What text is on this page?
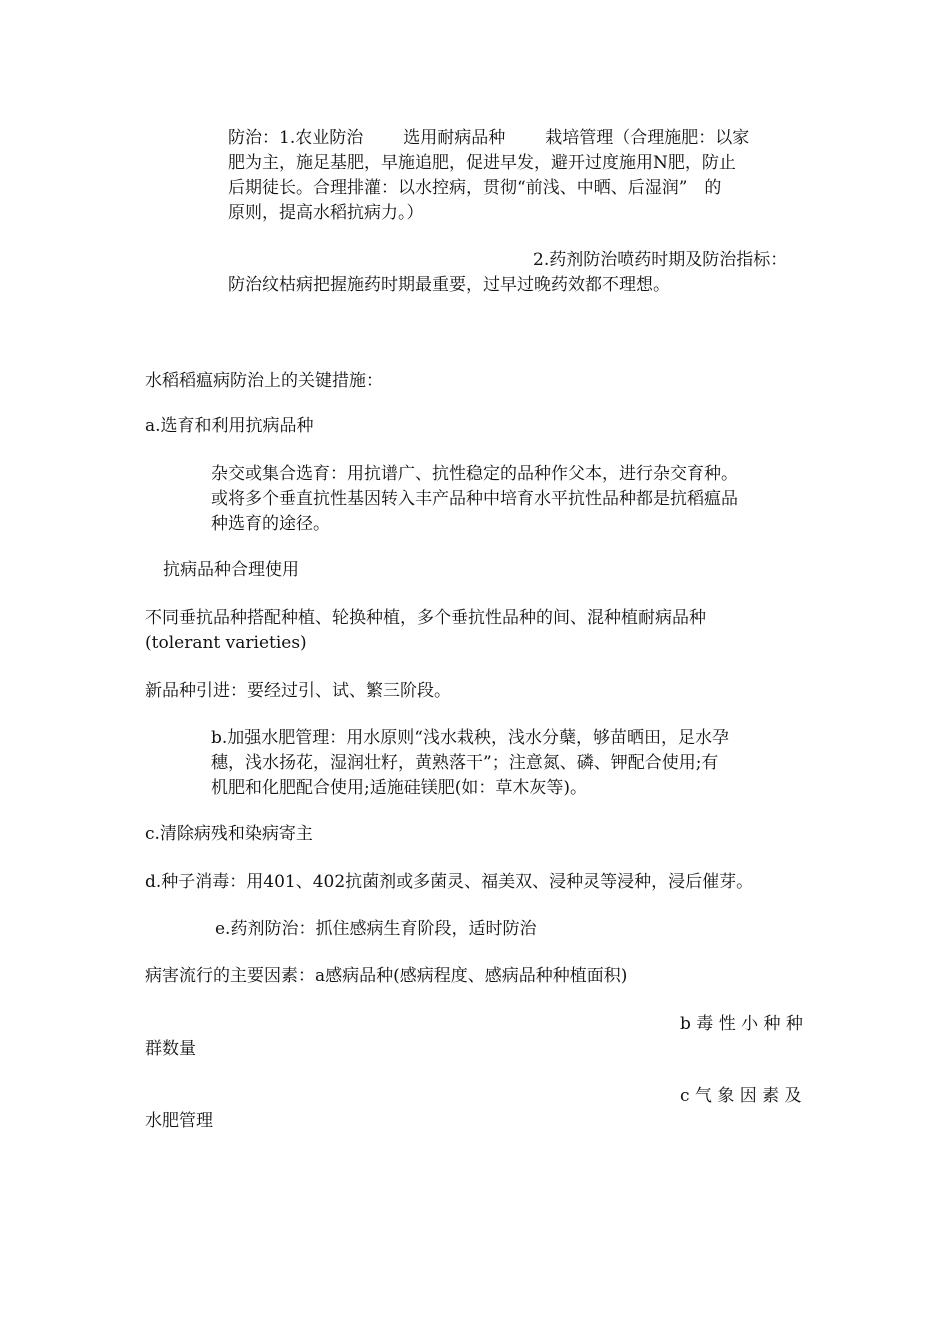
防治：1.农业防治 选用耐病品种 栽培管理（合理施肥：以家
肥为主，施足基肥，早施追肥，促进早发，避开过度施用N肥，防止
后期徒长。合理排灌：以水控病，贯彻“前浅、中晒、后湿润”　的
原则，提高水稻抗病力。）
2.药剂防治喷药时期及防治指标：
防治纹枯病把握施药时期最重要，过早过晚药效都不理想。
水稻稻瘟病防治上的关键措施：
a.选育和利用抗病品种
杂交或集合选育：用抗谱广、抗性稳定的品种作父本，进行杂交育种。
或将多个垂直抗性基因转入丰产品种中培育水平抗性品种都是抗稻瘟品
种选育的途径。
抗病品种合理使用
不同垂抗品种搭配种植、轮换种植，多个垂抗性品种的间、混种植耐病品种
(tolerant varieties)
新品种引进：要经过引、试、繁三阶段。
b.加强水肥管理：用水原则“浅水栽秧，浅水分蘖，够苗晒田，足水孕
穗，浅水扬花，湿润壮籽，黄熟落干”；注意氮、磷、钾配合使用;有
机肥和化肥配合使用;适施硅镁肥(如：草木灰等)。
c.清除病残和染病寄主
d.种子消毒：用401、402抗菌剂或多菌灵、福美双、浸种灵等浸种，浸后催芽。
e.药剂防治：抓住感病生育阶段，适时防治
病害流行的主要因素：a感病品种(感病程度、感病品种种植面积)
b 毒 性 小 种 种
群数量
c 气 象 因 素 及
水肥管理
